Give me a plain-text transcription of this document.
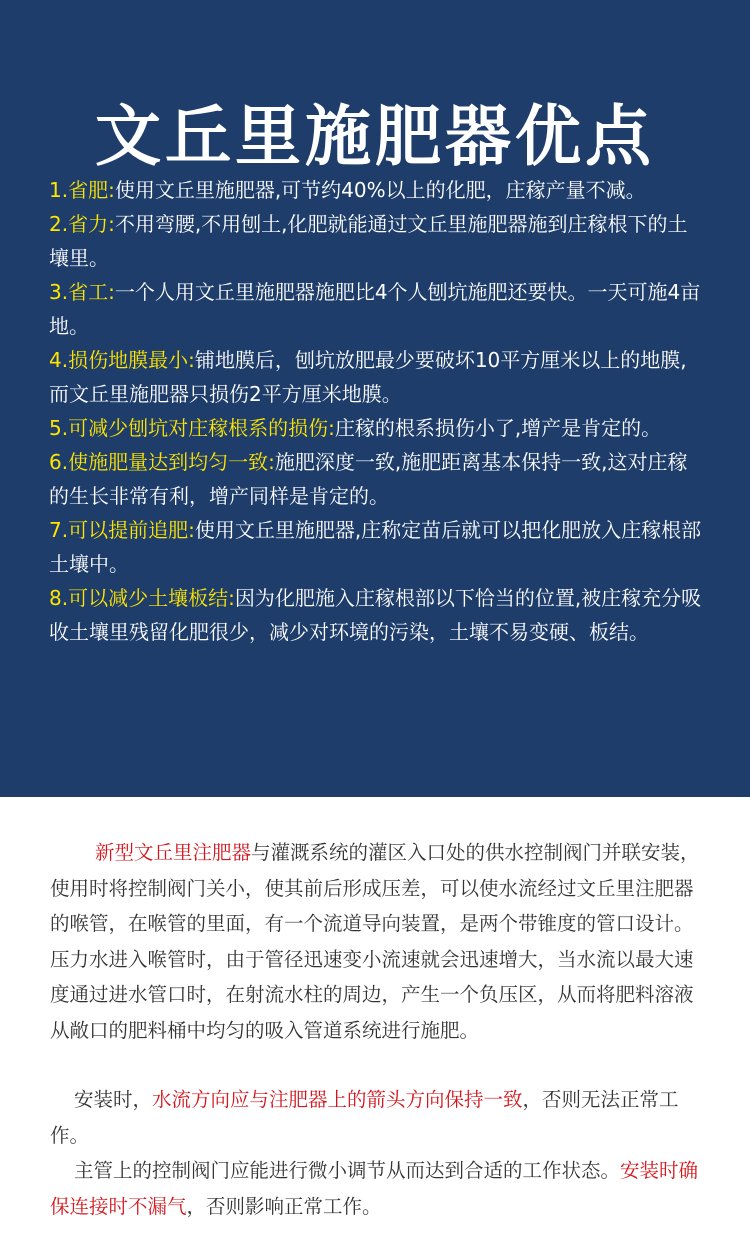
文丘里施肥器优点
1.省肥:使用文丘里施肥器,可节约40%以上的化肥，庄稼产量不减。
2.省力:不用弯腰,不用刨土,化肥就能通过文丘里施肥器施到庄稼根下的土壤里。
3.省工:一个人用文丘里施肥器施肥比4个人刨坑施肥还要快。一天可施4亩地。
4.损伤地膜最小:铺地膜后，刨坑放肥最少要破坏10平方厘米以上的地膜,而文丘里施肥器只损伤2平方厘米地膜。
5.可减少刨坑对庄稼根系的损伤:庄稼的根系损伤小了,增产是肯定的。
6.使施肥量达到均匀一致:施肥深度一致,施肥距离基本保持一致,这对庄稼的生长非常有利，增产同样是肯定的。
7.可以提前追肥:使用文丘里施肥器,庄称定苗后就可以把化肥放入庄稼根部土壤中。
8.可以减少土壤板结:因为化肥施入庄稼根部以下恰当的位置,被庄稼充分吸收土壤里残留化肥很少，减少对环境的污染，土壤不易变硬、板结。

新型文丘里注肥器与灌溉系统的灌区入口处的供水控制阀门并联安装，使用时将控制阀门关小，使其前后形成压差，可以使水流经过文丘里注肥器的喉管，在喉管的里面，有一个流道导向装置，是两个带锥度的管口设计。压力水进入喉管时，由于管径迅速变小流速就会迅速增大，当水流以最大速度通过进水管口时，在射流水柱的周边，产生一个负压区，从而将肥料溶液从敞口的肥料桶中均匀的吸入管道系统进行施肥。

安装时，水流方向应与注肥器上的箭头方向保持一致，否则无法正常工作。

主管上的控制阀门应能进行微小调节从而达到合适的工作状态。安装时确保连接时不漏气，否则影响正常工作。
